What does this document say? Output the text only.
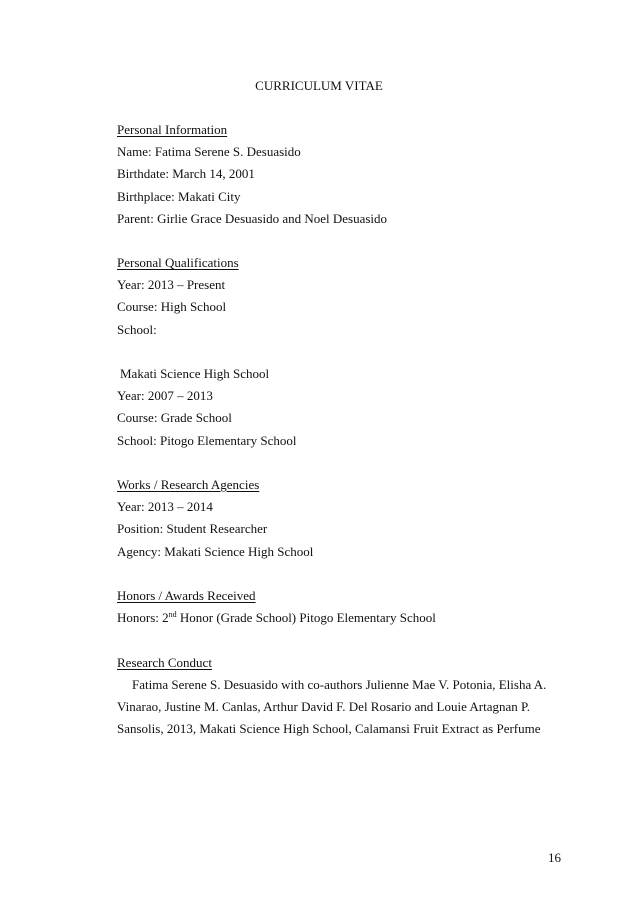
CURRICULUM VITAE
Personal Information
Name: Fatima Serene S. Desuasido
Birthdate: March 14, 2001
Birthplace: Makati City
Parent: Girlie Grace Desuasido and Noel Desuasido
Personal Qualifications
Year: 2013 – Present
Course: High School
School:
Makati Science High School
Year: 2007 – 2013
Course: Grade School
School: Pitogo Elementary School
Works / Research Agencies
Year: 2013 – 2014
Position: Student Researcher
Agency: Makati Science High School
Honors / Awards Received
Honors: 2nd Honor (Grade School) Pitogo Elementary School
Research Conduct
Fatima Serene S. Desuasido with co-authors Julienne Mae V. Potonia, Elisha A.
Vinarao, Justine M. Canlas, Arthur David F. Del Rosario and Louie Artagnan P.
Sansolis, 2013, Makati Science High School, Calamansi Fruit Extract as Perfume
16
